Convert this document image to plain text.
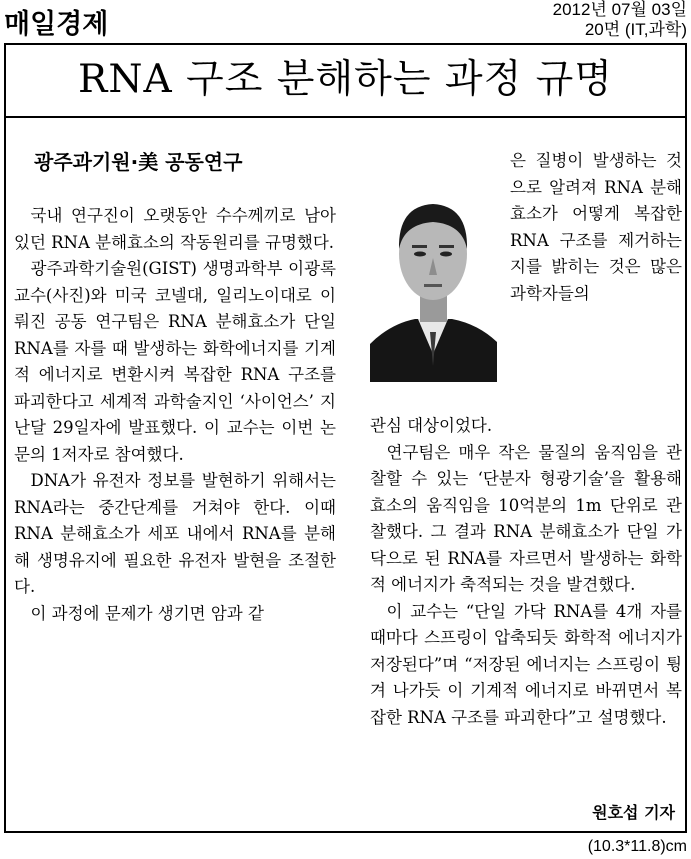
매일경제	2012년 07월 03일
20면 (IT,과학)
RNA 구조 분해하는 과정 규명
광주과기원·美 공동연구

국내 연구진이 오랫동안 수수께끼로 남아 있던 RNA 분해효소의 작동원리를 규명했다.

광주과학기술원(GIST) 생명과학부 이광록 교수(사진)와 미국 코넬대, 일리노이대로 이뤄진 공동 연구팀은 RNA 분해효소가 단일 RNA를 자를 때 발생하는 화학에너지를 기계적 에너지로 변환시켜 복잡한 RNA 구조를 파괴한다고 세계적 과학술지인 ‘사이언스’ 지난달 29일자에 발표했다. 이 교수는 이번 논문의 1저자로 참여했다.

DNA가 유전자 정보를 발현하기 위해서는 RNA라는 중간단계를 거쳐야 한다. 이때 RNA 분해효소가 세포 내에서 RNA를 분해해 생명유지에 필요한 유전자 발현을 조절한다.

이 과정에 문제가 생기면 암과 같

은 질병이 발생하는 것으로 알려져 RNA 분해효소가 어떻게 복잡한 RNA 구조를 제거하는지를 밝히는 것은 많은 과학자들의

관심 대상이었다.

연구팀은 매우 작은 물질의 움직임을 관찰할 수 있는 ‘단분자 형광기술’을 활용해 효소의 움직임을 10억분의 1m 단위로 관찰했다. 그 결과 RNA 분해효소가 단일 가닥으로 된 RNA를 자르면서 발생하는 화학적 에너지가 축적되는 것을 발견했다.

이 교수는 “단일 가닥 RNA를 4개 자를 때마다 스프링이 압축되듯 화학적 에너지가 저장된다”며 “저장된 에너지는 스프링이 튕겨 나가듯 이 기계적 에너지로 바뀌면서 복잡한 RNA 구조를 파괴한다”고 설명했다.

원호섭 기자
(10.3*11.8)cm
